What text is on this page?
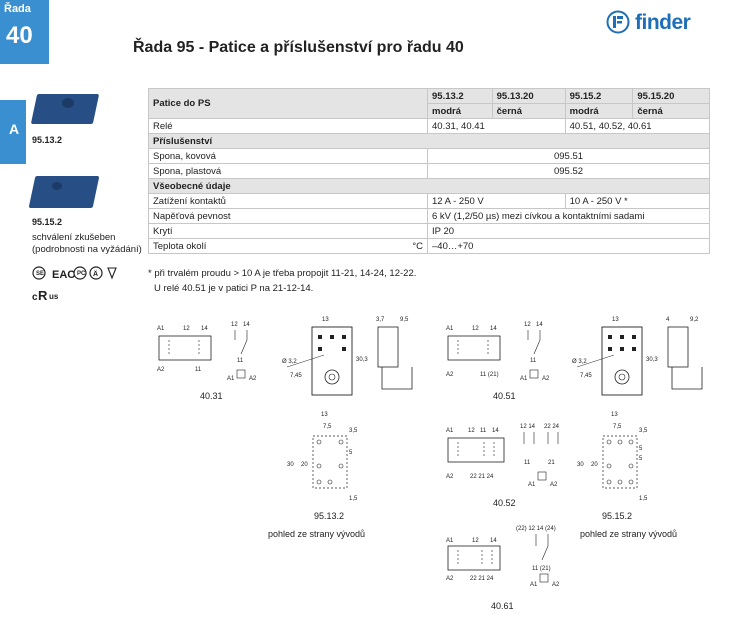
Řada
40	Řada 95 - Patice a příslušenství pro řadu 40
finder
A
95.13.2
95.15.2
schválení zkušeben
(podrobnosti na vyžádání)
SE	PC Ä
c R
EAC
us
Patice do PS	95.13.2	95.13.20	95.15.2	95.15.20
	modrá	černá	modrá	černá
Relé	40.31, 40.41		40.51, 40.52, 40.61	
Příslušenství				
Spona, kovová	095.51			
Spona, plastová	095.52			
Všeobecné údaje				
Zatížení kontaktů	12 A - 250 V		10 A - 250 V *	
Napěťová pevnost	6 kV (1,2/50 µs) mezi cívkou a kontaktními sadami			
Krytí	IP 20			
Teplota okolí °C	–40…+70			
* při trvalém proudu > 10 A je třeba propojit 11-21, 14-24, 12-22.
U relé 40.51 je v patici P na 21-12-14.
A1	12 14
A2	11
12 14
11
A1 A2
40.31
13
Ø 3,2
7,45
30,3
3,7	9,5
13
7,5
30 20
3,5
5
1,5
95.13.2
pohled ze strany vývodů
A1	12 14
A2	11 (21)
12 14
11
A1 A2
40.51
13
Ø 3,2
7,45
30,3
4	9,2
A1 12 11 14
A2	22 21 24
12 14 22 24
11	21
A1 A2
40.52
13
7,5
30 20
3,5
5
5
1,5
95.15.2
pohled ze strany vývodů
A1	12 14
A2	22 21 24
(22) 12 14 (24)
11 (21)
A1 A2
40.61
